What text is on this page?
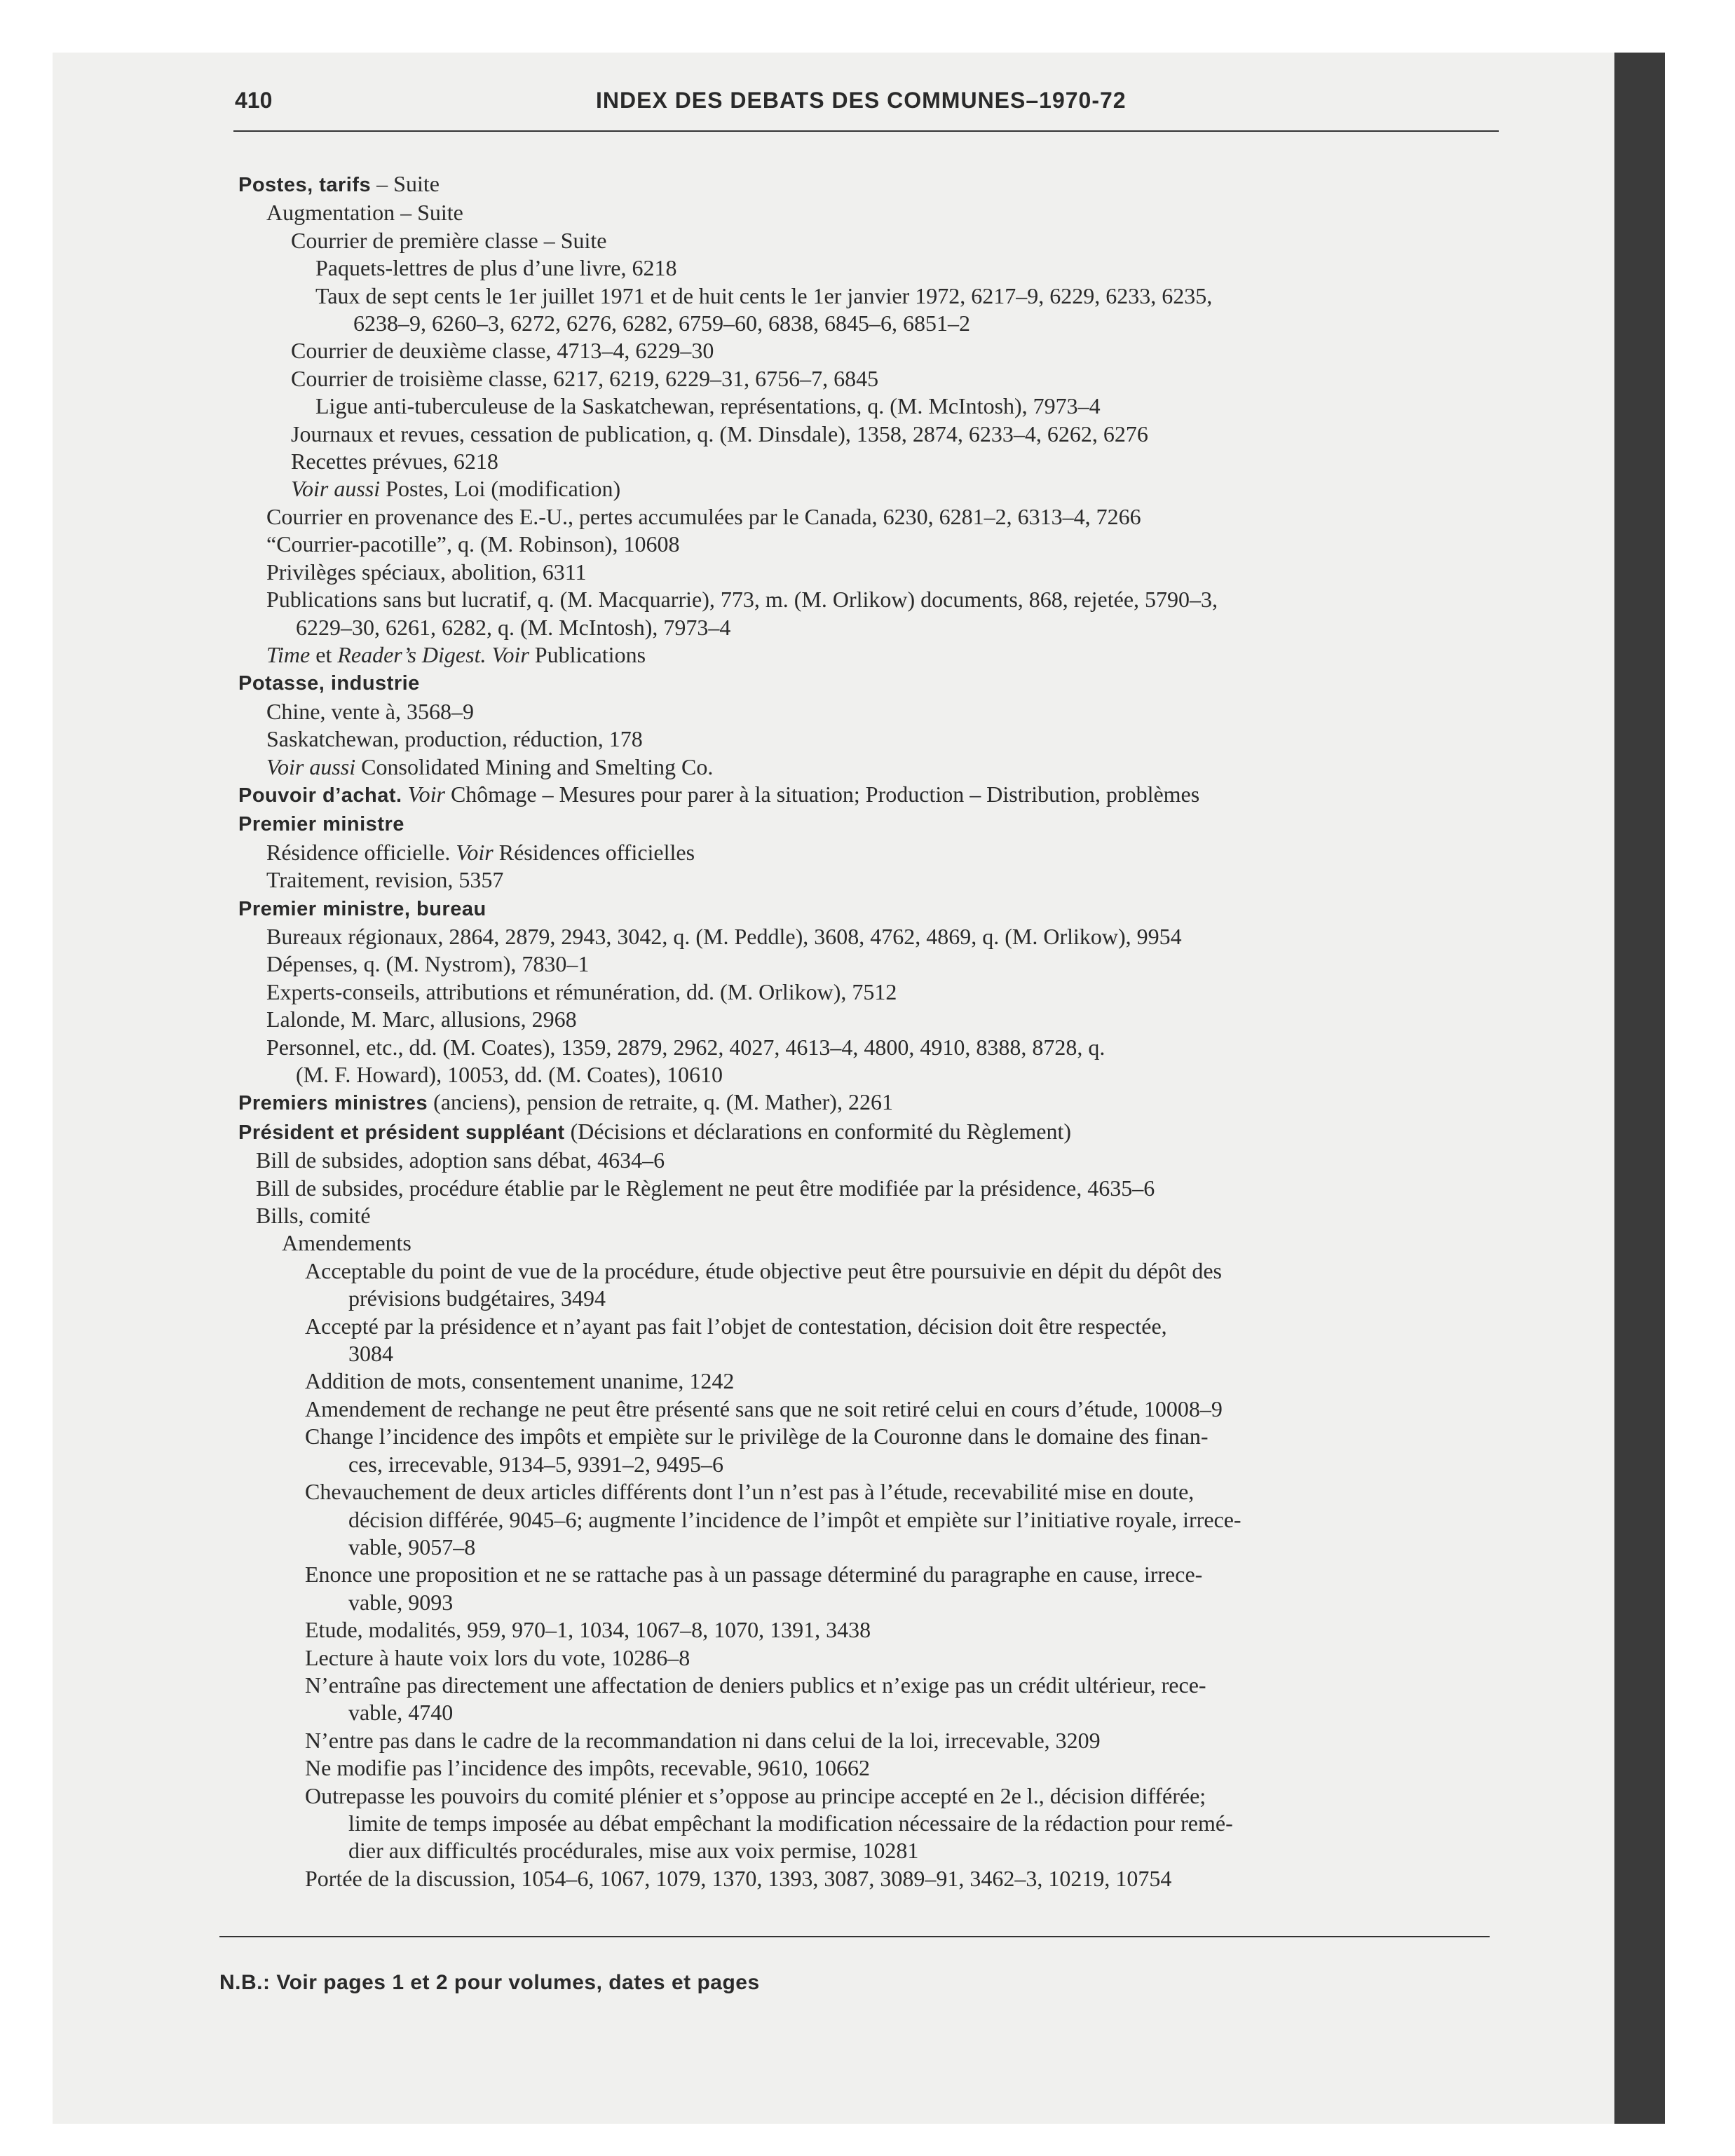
410	INDEX DES DEBATS DES COMMUNES–1970-72

Postes, tarifs – Suite

Augmentation – Suite

Courrier de première classe – Suite

Paquets-lettres de plus d’une livre, 6218

Taux de sept cents le 1er juillet 1971 et de huit cents le 1er janvier 1972, 6217–9, 6229, 6233, 6235,

6238–9, 6260–3, 6272, 6276, 6282, 6759–60, 6838, 6845–6, 6851–2

Courrier de deuxième classe, 4713–4, 6229–30

Courrier de troisième classe, 6217, 6219, 6229–31, 6756–7, 6845

Ligue anti-tuberculeuse de la Saskatchewan, représentations, q. (M. McIntosh), 7973–4

Journaux et revues, cessation de publication, q. (M. Dinsdale), 1358, 2874, 6233–4, 6262, 6276

Recettes prévues, 6218

Voir aussi Postes, Loi (modification)

Courrier en provenance des E.-U., pertes accumulées par le Canada, 6230, 6281–2, 6313–4, 7266

“Courrier-pacotille”, q. (M. Robinson), 10608

Privilèges spéciaux, abolition, 6311

Publications sans but lucratif, q. (M. Macquarrie), 773, m. (M. Orlikow) documents, 868, rejetée, 5790–3,

6229–30, 6261, 6282, q. (M. McIntosh), 7973–4

Time et Reader’s Digest. Voir Publications

Potasse, industrie

Chine, vente à, 3568–9

Saskatchewan, production, réduction, 178

Voir aussi Consolidated Mining and Smelting Co.

Pouvoir d’achat. Voir Chômage – Mesures pour parer à la situation; Production – Distribution, problèmes

Premier ministre

Résidence officielle. Voir Résidences officielles

Traitement, revision, 5357

Premier ministre, bureau

Bureaux régionaux, 2864, 2879, 2943, 3042, q. (M. Peddle), 3608, 4762, 4869, q. (M. Orlikow), 9954

Dépenses, q. (M. Nystrom), 7830–1

Experts-conseils, attributions et rémunération, dd. (M. Orlikow), 7512

Lalonde, M. Marc, allusions, 2968

Personnel, etc., dd. (M. Coates), 1359, 2879, 2962, 4027, 4613–4, 4800, 4910, 8388, 8728, q.

(M. F. Howard), 10053, dd. (M. Coates), 10610

Premiers ministres (anciens), pension de retraite, q. (M. Mather), 2261

Président et président suppléant (Décisions et déclarations en conformité du Règlement)

Bill de subsides, adoption sans débat, 4634–6

Bill de subsides, procédure établie par le Règlement ne peut être modifiée par la présidence, 4635–6

Bills, comité

Amendements

Acceptable du point de vue de la procédure, étude objective peut être poursuivie en dépit du dépôt des

prévisions budgétaires, 3494

Accepté par la présidence et n’ayant pas fait l’objet de contestation, décision doit être respectée,

3084

Addition de mots, consentement unanime, 1242

Amendement de rechange ne peut être présenté sans que ne soit retiré celui en cours d’étude, 10008–9

Change l’incidence des impôts et empiète sur le privilège de la Couronne dans le domaine des finan-

ces, irrecevable, 9134–5, 9391–2, 9495–6

Chevauchement de deux articles différents dont l’un n’est pas à l’étude, recevabilité mise en doute,

décision différée, 9045–6; augmente l’incidence de l’impôt et empiète sur l’initiative royale, irrece-

vable, 9057–8

Enonce une proposition et ne se rattache pas à un passage déterminé du paragraphe en cause, irrece-

vable, 9093

Etude, modalités, 959, 970–1, 1034, 1067–8, 1070, 1391, 3438

Lecture à haute voix lors du vote, 10286–8

N’entraîne pas directement une affectation de deniers publics et n’exige pas un crédit ultérieur, rece-

vable, 4740

N’entre pas dans le cadre de la recommandation ni dans celui de la loi, irrecevable, 3209

Ne modifie pas l’incidence des impôts, recevable, 9610, 10662

Outrepasse les pouvoirs du comité plénier et s’oppose au principe accepté en 2e l., décision différée;

limite de temps imposée au débat empêchant la modification nécessaire de la rédaction pour remé-

dier aux difficultés procédurales, mise aux voix permise, 10281

Portée de la discussion, 1054–6, 1067, 1079, 1370, 1393, 3087, 3089–91, 3462–3, 10219, 10754

N.B.: Voir pages 1 et 2 pour volumes, dates et pages
